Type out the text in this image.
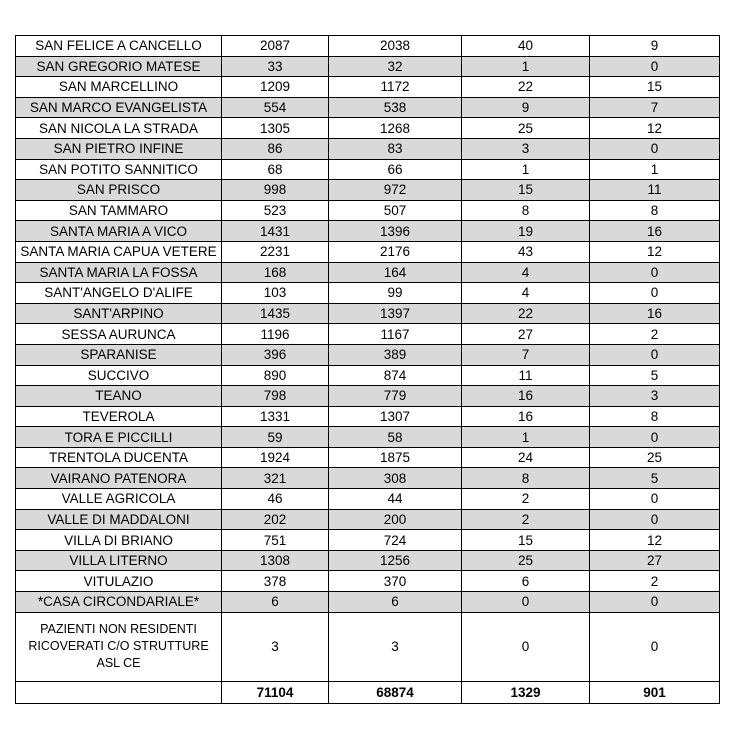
SAN FELICE A CANCELLO	2087	2038	40	9
SAN GREGORIO MATESE	33	32	1	0
SAN MARCELLINO	1209	1172	22	15
SAN MARCO EVANGELISTA	554	538	9	7
SAN NICOLA LA STRADA	1305	1268	25	12
SAN PIETRO INFINE	86	83	3	0
SAN POTITO SANNITICO	68	66	1	1
SAN PRISCO	998	972	15	11
SAN TAMMARO	523	507	8	8
SANTA MARIA A VICO	1431	1396	19	16
SANTA MARIA CAPUA VETERE	2231	2176	43	12
SANTA MARIA LA FOSSA	168	164	4	0
SANT'ANGELO D'ALIFE	103	99	4	0
SANT'ARPINO	1435	1397	22	16
SESSA AURUNCA	1196	1167	27	2
SPARANISE	396	389	7	0
SUCCIVO	890	874	11	5
TEANO	798	779	16	3
TEVEROLA	1331	1307	16	8
TORA E PICCILLI	59	58	1	0
TRENTOLA DUCENTA	1924	1875	24	25
VAIRANO PATENORA	321	308	8	5
VALLE AGRICOLA	46	44	2	0
VALLE DI MADDALONI	202	200	2	0
VILLA DI BRIANO	751	724	15	12
VILLA LITERNO	1308	1256	25	27
VITULAZIO	378	370	6	2
*CASA CIRCONDARIALE*	6	6	0	0
PAZIENTI NON RESIDENTI RICOVERATI C/O STRUTTURE ASL CE	3	3	0	0
	71104	68874	1329	901
